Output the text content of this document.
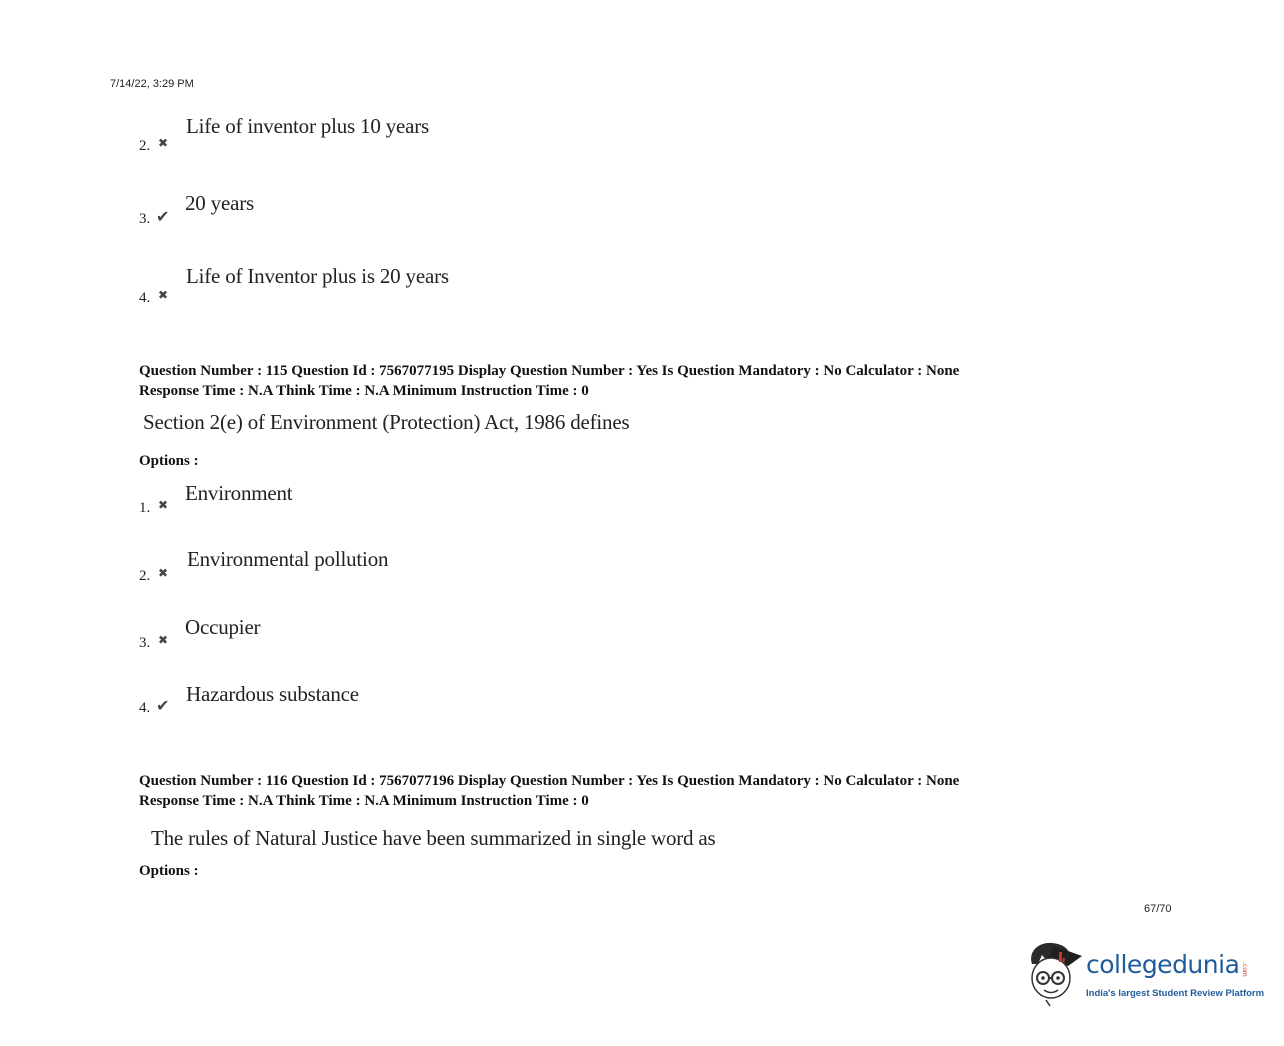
7/14/22, 3:29 PM
2. ✖
Life of inventor plus 10 years
3. ✔
20 years
4. ✖
Life of Inventor plus is 20 years
Question Number : 115 Question Id : 7567077195 Display Question Number : Yes Is Question Mandatory : No Calculator : None
Response Time : N.A Think Time : N.A Minimum Instruction Time : 0
Section 2(e) of Environment (Protection) Act, 1986 defines
Options :
1. ✖ Environment
2. ✖
Environmental pollution
3. ✖
Occupier
4. ✔ Hazardous substance
Question Number : 116 Question Id : 7567077196 Display Question Number : Yes Is Question Mandatory : No Calculator : None
Response Time : N.A Think Time : N.A Minimum Instruction Time : 0
The rules of Natural Justice have been summarized in single word as
Options :
67/70
collegedunia .com
India's largest Student Review Platform
